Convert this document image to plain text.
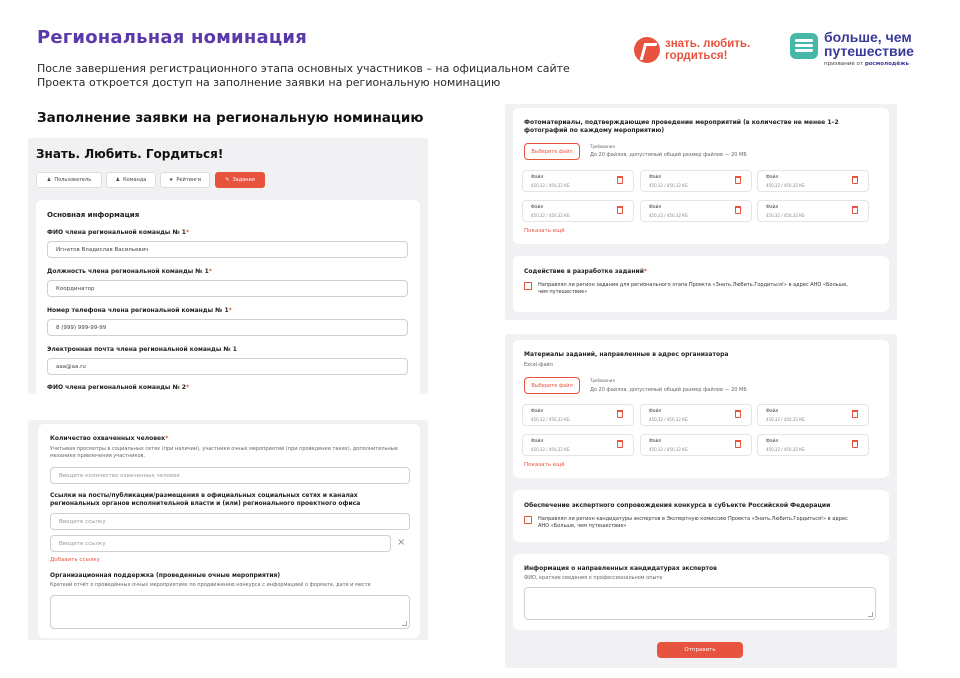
Региональная номинация
После завершения регистрационного этапа основных участников – на официальном сайте
Проекта откроется доступ на заполнение заявки на региональную номинацию
Заполнение заявки на региональную номинацию
знать. любить.
гордиться!
больше, чем
путешествие
призвание от росмолодёжь
Знать. Любить. Гордиться!
♟ Пользователь	♟ Команда	★ Рейтинги	✎ Задания
Основная информация
ФИО члена региональной команды № 1*
Игнатов Владислав Васильевич
Должность члена региональной команды № 1*
Координатор
Номер телефона члена региональной команды № 1*
8 (999) 999-99-99
Электронная почта члена региональной команды № 1
aaa@aa.ru
ФИО члена региональной команды № 2*
Количество охваченных человек*
Учитывая просмотры в социальных сетях (при наличии), участники очных мероприятий (при проведении таких), дополнительные механики привлечения участников.
Введите количество охваченных человек
Ссылки на посты/публикации/размещения в официальных социальных сетях и каналах региональных органов исполнительной власти и (или) регионального проектного офиса
Введите ссылку
Введите ссылку	×
Добавить ссылку
Организационная поддержка (проведенные очные мероприятия)
Краткий отчёт о проведённых очных мероприятиях по продвижению конкурса с информацией о формате, дате и месте
Фотоматериалы, подтверждающие проведение мероприятий (в количестве не менее 1–2 фотографий по каждому мероприятию)
Выберите файл
Требования
До 20 файлов, допустимый общий размер файлов — 20 МБ
Файл
450,32 / 450,32 КБ
Файл
450,32 / 450,32 КБ
Файл
450,32 / 450,32 КБ
Файл
450,32 / 450,32 КБ
Файл
450,32 / 450,32 КБ
Файл
450,32 / 450,32 КБ
Показать ещё
Содействие в разработке заданий*
Направлял ли регион задания для регионального этапа Проекта «Знать.Любить.Гордиться!» в адрес АНО «Больше, чем путешествие»
Материалы заданий, направленные в адрес организатора
Excel-файл
Выберите файл
Требования
До 20 файлов, допустимый общий размер файлов — 20 МБ
Файл
450,32 / 450,32 КБ
Файл
450,32 / 450,32 КБ
Файл
450,32 / 450,32 КБ
Файл
450,32 / 450,32 КБ
Файл
450,32 / 450,32 КБ
Файл
450,32 / 450,32 КБ
Показать ещё
Обеспечение экспертного сопровождения конкурса в субъекте Российской Федерации
Направлял ли регион кандидатуры экспертов в Экспертную комиссию Проекта «Знать.Любить.Гордиться!» в адрес АНО «Больше, чем путешествие»
Информация о направленных кандидатурах экспертов
ФИО, краткие сведения о профессиональном опыте
Отправить
